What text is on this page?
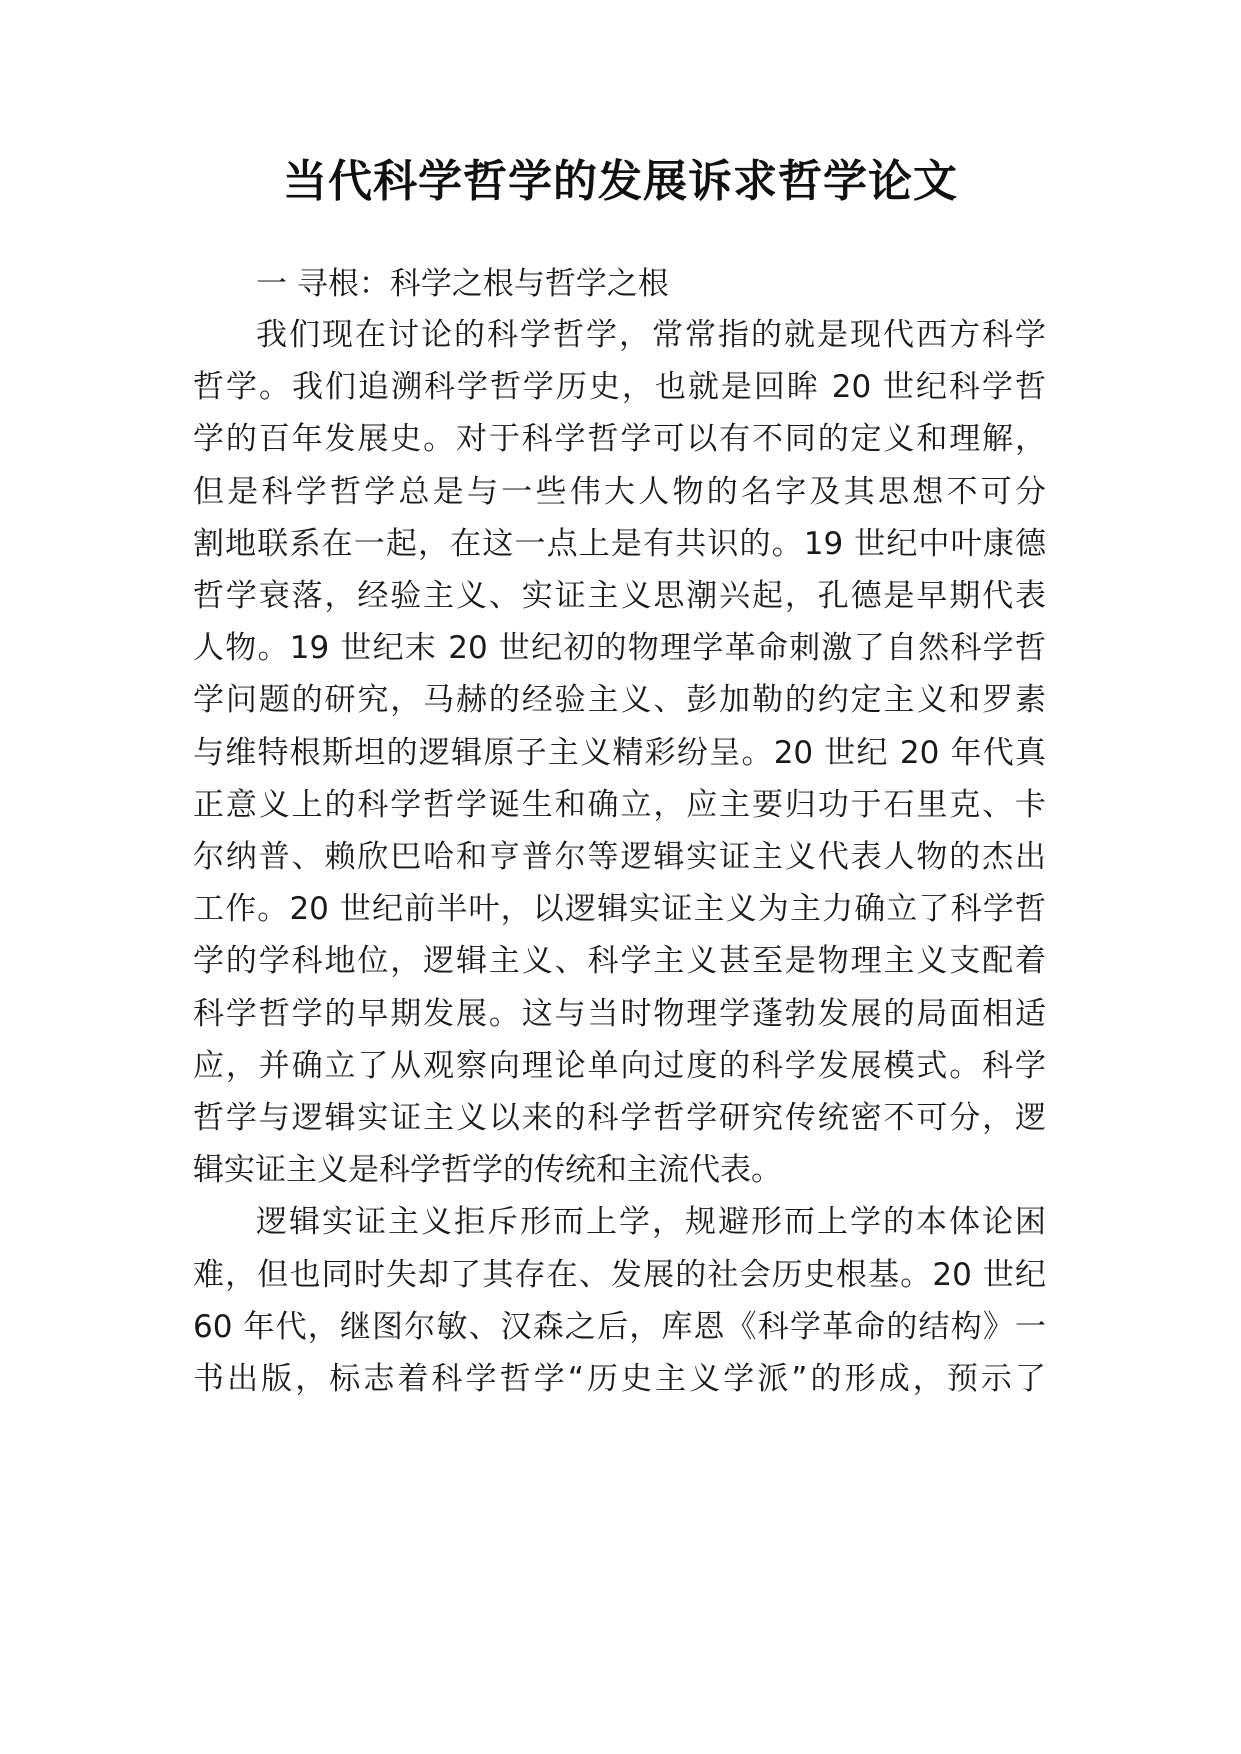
当代科学哲学的发展诉求哲学论文
一 寻根：科学之根与哲学之根
我们现在讨论的科学哲学，常常指的就是现代西方科学
哲学。我们追溯科学哲学历史，也就是回眸 20 世纪科学哲
学的百年发展史。对于科学哲学可以有不同的定义和理解，
但是科学哲学总是与一些伟大人物的名字及其思想不可分
割地联系在一起，在这一点上是有共识的。19 世纪中叶康德
哲学衰落，经验主义、实证主义思潮兴起，孔德是早期代表
人物。19 世纪末 20 世纪初的物理学革命刺激了自然科学哲
学问题的研究，马赫的经验主义、彭加勒的约定主义和罗素
与维特根斯坦的逻辑原子主义精彩纷呈。20 世纪 20 年代真
正意义上的科学哲学诞生和确立，应主要归功于石里克、卡
尔纳普、赖欣巴哈和亨普尔等逻辑实证主义代表人物的杰出
工作。20 世纪前半叶，以逻辑实证主义为主力确立了科学哲
学的学科地位，逻辑主义、科学主义甚至是物理主义支配着
科学哲学的早期发展。这与当时物理学蓬勃发展的局面相适
应，并确立了从观察向理论单向过度的科学发展模式。科学
哲学与逻辑实证主义以来的科学哲学研究传统密不可分，逻
辑实证主义是科学哲学的传统和主流代表。
逻辑实证主义拒斥形而上学，规避形而上学的本体论困
难，但也同时失却了其存在、发展的社会历史根基。20 世纪
60 年代，继图尔敏、汉森之后，库恩《科学革命的结构》一
书出版，标志着科学哲学“历史主义学派”的形成，预示了
